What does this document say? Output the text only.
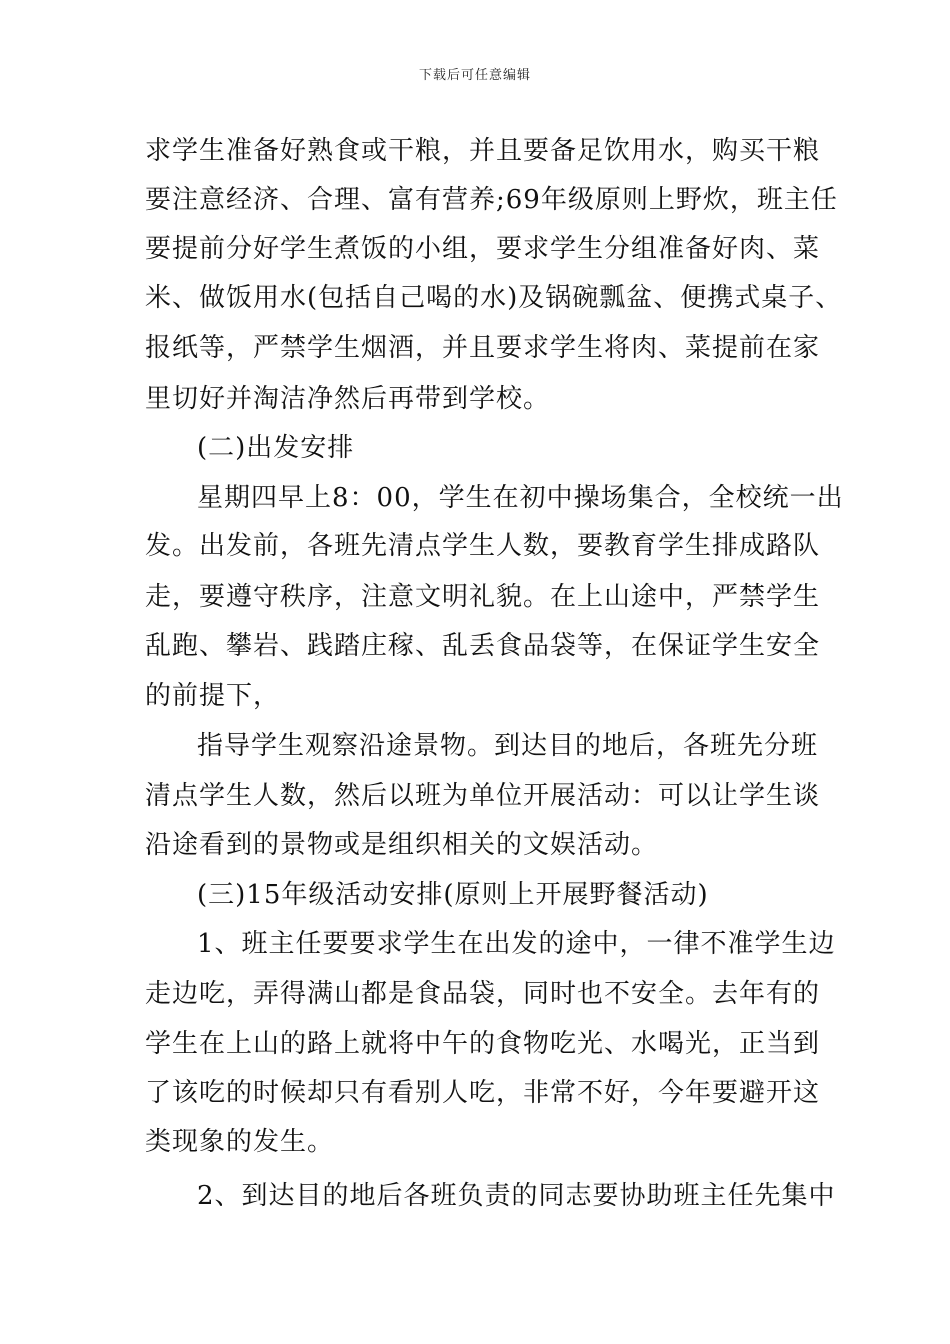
下载后可任意编辑
求学生准备好熟食或干粮，并且要备足饮用水，购买干粮
要注意经济、合理、富有营养;69年级原则上野炊，班主任
要提前分好学生煮饭的小组，要求学生分组准备好肉、菜
米、做饭用水(包括自己喝的水)及锅碗瓢盆、便携式桌子、
报纸等，严禁学生烟酒，并且要求学生将肉、菜提前在家
里切好并淘洁净然后再带到学校。
(二)出发安排
星期四早上8：00，学生在初中操场集合，全校统一出
发。出发前，各班先清点学生人数，要教育学生排成路队
走，要遵守秩序，注意文明礼貌。在上山途中，严禁学生
乱跑、攀岩、践踏庄稼、乱丢食品袋等，在保证学生安全
的前提下，
指导学生观察沿途景物。到达目的地后，各班先分班
清点学生人数，然后以班为单位开展活动：可以让学生谈
沿途看到的景物或是组织相关的文娱活动。
(三)15年级活动安排(原则上开展野餐活动)
1、班主任要要求学生在出发的途中，一律不准学生边
走边吃，弄得满山都是食品袋，同时也不安全。去年有的
学生在上山的路上就将中午的食物吃光、水喝光，正当到
了该吃的时候却只有看别人吃，非常不好，今年要避开这
类现象的发生。
2、到达目的地后各班负责的同志要协助班主任先集中
